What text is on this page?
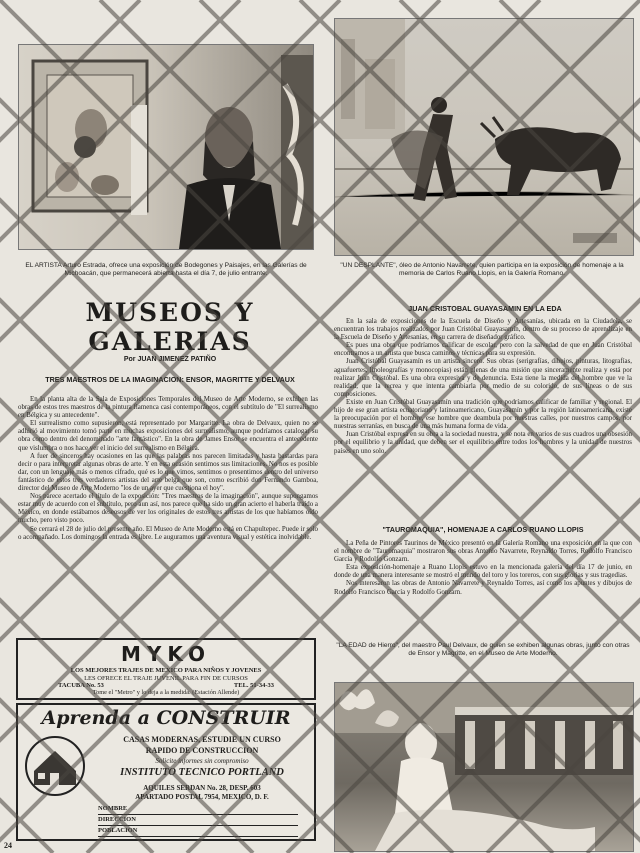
EL ARTISTA Arturo Estrada, ofrece una exposición de Bodegones y Paisajes, en las Galerías de Michoacán, que permanecerá abierta hasta el día 7, de julio entrante.
"UN DESPLANTE", óleo de Antonio Navarrete, quien participa en la exposición de homenaje a la memoria de Carlos Ruano Llopis, en la Galería Romano.
MUSEOS Y GALERIAS
Por JUAN JIMENEZ PATIÑO
TRES MAESTROS DE LA IMAGINACION: ENSOR, MAGRITTE Y DELVAUX

En la planta alta de la Sala de Exposiciones Temporales del Museo de Arte Moderno, se exhiben las obras de estos tres maestros de la pintura flamenca casi contemporáneos, con el subtítulo de "El surrealismo en Bélgica y su antecedente".

El surrealismo como supusieron, está representado por Margaritte. La obra de Delvaux, quien no se adhirió al movimiento tomó parte en muchas exposiciones del surrealismo, aunque podríamos catalogar su obra como dentro del denominado "arte fantástico". En la obra de James Ensor se encuentra el antecedente que vislumbra o nos hace ver el inicio del surrealismo en Bélgica.

A fuer de sinceros hay ocasiones en las que las palabras nos parecen limitadas y hasta bastardas para decir o para interpretar algunas obras de arte. Y en esta ocasión sentimos sus limitaciones. No nos es posible dar, con un lenguaje más o menos cifrado, qué es lo que vimos, sentimos o presentimos dentro del universo fantástico de estos tres verdaderos artistas del arte belga que son, como escribió don Fernando Gamboa, director del Museo de Arte Moderno "los de un ayer que cuestiona el hoy".

Nos parece acertado el título de la exposición: "Tres maestros de la imaginación", aunque supongamos estar muy de acuerdo con el subtítulo, pero aun así, nos parece que ha sido un gran acierto el haberla traído a México, en donde estábamos deseosos de ver los originales de estos tres artistas de los que habíamos oído mucho, pero visto poco.

Se cerrará el 28 de julio del presente año. El Museo de Arte Moderno está en Chapultepec. Puede ir solo o acompañado. Los domingos la entrada es libre. Le auguramos una aventura visual y estética inolvidable.

MYKO
LOS MEJORES TRAJES DE MEXICO PARA NIÑOS Y JOVENES
LES OFRECE EL TRAJE JUVENIL PARA FIN DE CURSOS
TACUBA No. 53	TEL. 51-34-33
Tome el "Metro" y lo deja a la medida. (Estación Allende)
Aprenda a CONSTRUIR
CASAS MODERNAS, ESTUDIE UN CURSO
RAPIDO DE CONSTRUCCION
Solicite informes sin compromiso
INSTITUTO TECNICO PORTLAND
AQUILES SERDAN No. 28, DESP. 603
APARTADO POSTAL 7954, MEXICO, D. F.
NOMBRE
DIRECCION
POBLACION
24
JUAN CRISTOBAL GUAYASAMIN EN LA EDA

En la sala de exposiciones de la Escuela de Diseño y Artesanías, ubicada en la Ciudadela, se encuentran los trabajos realizados por Juan Cristóbal Guayasamín, dentro de su proceso de aprendizaje en la Escuela de Diseño y Artesanías, en su carrera de diseñador gráfico.

Es pues una obra que podríamos calificar de escolar, pero con la salvedad de que en Juan Cristóbal encontramos a un artista que busca caminos y técnicas para su expresión.

Juan Cristóbal Guayasamín es un artista sincero. Sus obras (serigrafías, dibujos, pinturas, litografías, aguafuertes, linoleografías y monocopias) están plenas de una misión que sinceramente realiza y está por realizar Juan Cristóbal. Es una obra expresiva y de denuncia. Esta tiene la medida del hombre que ve la realidad, que la recrea y que intenta cambiarla por medio de su colorido, de sus líneas o de sus composiciones.

Existe en Juan Cristóbal Guayasamín una tradición que podríamos calificar de familiar y regional. El hijo de ese gran artista ecuatoriano y latinoamericano, Guayasamín y por la región latinoamericana, existe la preocupación por el hombre, ese hombre que deambula por nuestras calles, por nuestros campos, por nuestras serranías, en busca de una más humana forma de vida.

Juan Cristóbal expresa en su obra a la sociedad nuestra, y se nota en varios de sus cuadros una obsesión por el equilibrio y la unidad, que deben ser el equilibrio entre todos los hombres y la unidad de nuestros países en uno solo.

"TAUROMAQUIA", HOMENAJE A CARLOS RUANO LLOPIS

La Peña de Pintores Taurinos de México presentó en la Galería Romano una exposición en la que con el nombre de "Tauromaquia" mostraron sus obras Antonio Navarrete, Reynaldo Torres, Rodolfo Francisco García y Rodolfo Gonzarn.

Esta exposición-homenaje a Ruano Llopis estuvo en la mencionada galería del día 17 de junio, en donde de una manera interesante se mostró el mundo del toro y los toreros, con sus glorias y sus tragedias.

Nos interesaron las obras de Antonio Navarrete y Reynaldo Torres, así como los apuntes y dibujos de Rodolfo Francisco García y Rodolfo Gonzarn.

"LA EDAD de Hierro", del maestro Paul Delvaux, de quien se exhiben algunas obras, junto con otras de Ensor y Magritte, en el Museo de Arte Moderno.
